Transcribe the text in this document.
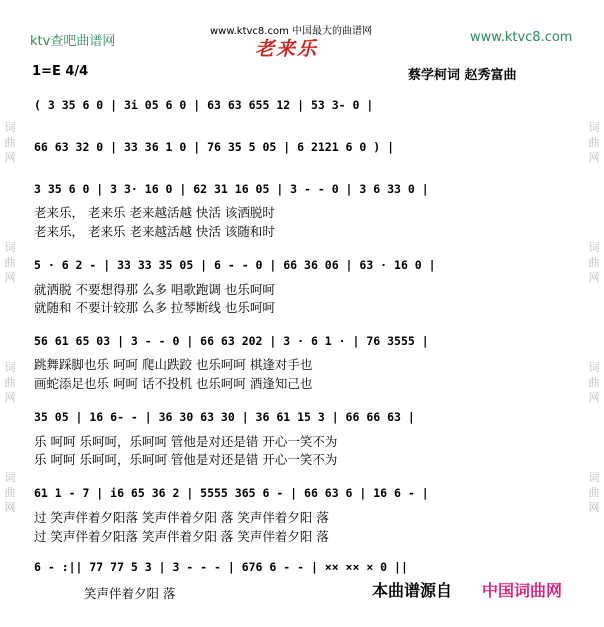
ktv查吧曲谱网
www.ktvc8.com 中国最大的曲谱网	www.ktvc8.com
老来乐
1=E 4/4	蔡学柯词 赵秀富曲
词
曲
网
词
曲
网
词
曲
网
词
曲
网
词
曲
网
词
曲
网
词
曲
网
词
曲
网
( 3 35 6 0 | 3i 05 6 0 | 63 63 655 12 | 53 3- 0 |
66 63 32 0 | 33 36 1 0 | 76 35 5 05 | 6 2121 6 0 ) |
3 35 6 0 | 3 3· 16 0 | 62 31 16 05 | 3 - - 0 | 3 6 33 0 |
老来乐， 老来乐 老来越活越 快活 该洒脱时
老来乐， 老来乐 老来越活越 快活 该随和时
5 · 6 2 - | 33 33 35 05 | 6 - - 0 | 66 36 06 | 63 · 16 0 |
就洒脱 不要想得那 么多 唱歌跑调 也乐呵呵
就随和 不要计较那 么多 拉琴断线 也乐呵呵
56 61 65 03 | 3 - - 0 | 66 63 202 | 3 · 6 1 · | 76 3555 |
跳舞踩脚也乐 呵呵 爬山跌跤 也乐呵呵 棋逢对手也
画蛇添足也乐 呵呵 话不投机 也乐呵呵 酒逢知己也
35 05 | 16 6- - | 36 30 63 30 | 36 61 15 3 | 66 66 63 |
乐 呵呵 乐呵呵，乐呵呵 管他是对还是错 开心一笑不为
乐 呵呵 乐呵呵，乐呵呵 管他是对还是错 开心一笑不为
61 1 - 7 | i6 65 36 2 | 5555 365 6 - | 66 63 6 | 16 6 - |
过 笑声伴着夕阳落 笑声伴着夕阳 落 笑声伴着夕阳 落
过 笑声伴着夕阳落 笑声伴着夕阳 落 笑声伴着夕阳 落
6 - :|| 77 77 5 3 | 3 - - - | 676 6 - - | ×× ×× × 0 ||
笑声伴着夕阳 落	本曲谱源自 中国词曲网
